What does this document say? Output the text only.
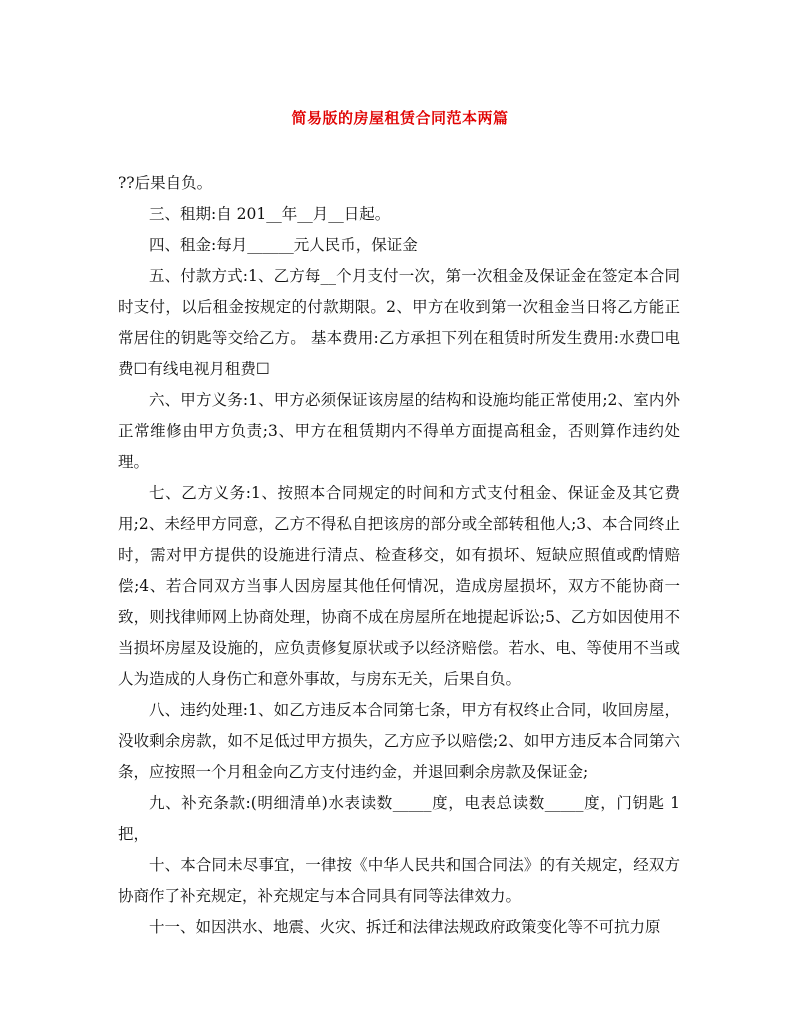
简易版的房屋租赁合同范本两篇

??后果自负。

三、租期:自 201__年__月__日起。

四、租金:每月______元人民币，保证金

五、付款方式:1、乙方每__个月支付一次，第一次租金及保证金在签定本合同时支付，以后租金按规定的付款期限。2、甲方在收到第一次租金当日将乙方能正常居住的钥匙等交给乙方。 基本费用:乙方承担下列在租赁时所发生费用:水费☐电费☐有线电视月租费☐

六、甲方义务:1、甲方必须保证该房屋的结构和设施均能正常使用;2、室内外正常维修由甲方负责;3、甲方在租赁期内不得单方面提高租金，否则算作违约处理。

七、乙方义务:1、按照本合同规定的时间和方式支付租金、保证金及其它费用;2、未经甲方同意，乙方不得私自把该房的部分或全部转租他人;3、本合同终止时，需对甲方提供的设施进行清点、检查移交，如有损坏、短缺应照值或酌情赔偿;4、若合同双方当事人因房屋其他任何情况，造成房屋损坏，双方不能协商一致，则找律师网上协商处理，协商不成在房屋所在地提起诉讼;5、乙方如因使用不当损坏房屋及设施的，应负责修复原状或予以经济赔偿。若水、电、等使用不当或人为造成的人身伤亡和意外事故，与房东无关，后果自负。

八、违约处理:1、如乙方违反本合同第七条，甲方有权终止合同，收回房屋，没收剩余房款，如不足低过甲方损失，乙方应予以赔偿;2、如甲方违反本合同第六条，应按照一个月租金向乙方支付违约金，并退回剩余房款及保证金;

九、补充条款:(明细清单)水表读数_____度，电表总读数_____度，门钥匙 1 把，

十、本合同未尽事宜，一律按《中华人民共和国合同法》的有关规定，经双方协商作了补充规定，补充规定与本合同具有同等法律效力。

十一、如因洪水、地震、火灾、拆迁和法律法规政府政策变化等不可抗力原
